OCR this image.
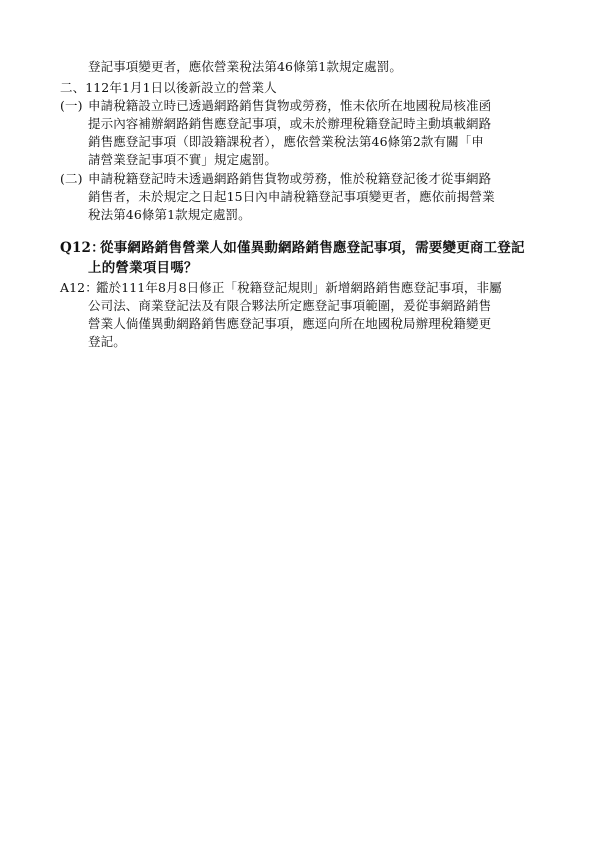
登記事項變更者，應依營業稅法第46條第1款規定處罰。
二、112年1月1日以後新設立的營業人
(一) 申請稅籍設立時已透過網路銷售貨物或勞務，惟未依所在地國稅局核准函
提示內容補辦網路銷售應登記事項，或未於辦理稅籍登記時主動填載網路
銷售應登記事項（即設籍課稅者），應依營業稅法第46條第2款有關「申
請營業登記事項不實」規定處罰。
(二) 申請稅籍登記時未透過網路銷售貨物或勞務，惟於稅籍登記後才從事網路
銷售者，未於規定之日起15日內申請稅籍登記事項變更者，應依前揭營業
稅法第46條第1款規定處罰。
Q12：
從事網路銷售營業人如僅異動網路銷售應登記事項，需要變更商工登記
上的營業項目嗎？
A12：
鑑於111年8月8日修正「稅籍登記規則」新增網路銷售應登記事項，非屬
公司法、商業登記法及有限合夥法所定應登記事項範圍，爰從事網路銷售
營業人倘僅異動網路銷售應登記事項，應逕向所在地國稅局辦理稅籍變更
登記。
